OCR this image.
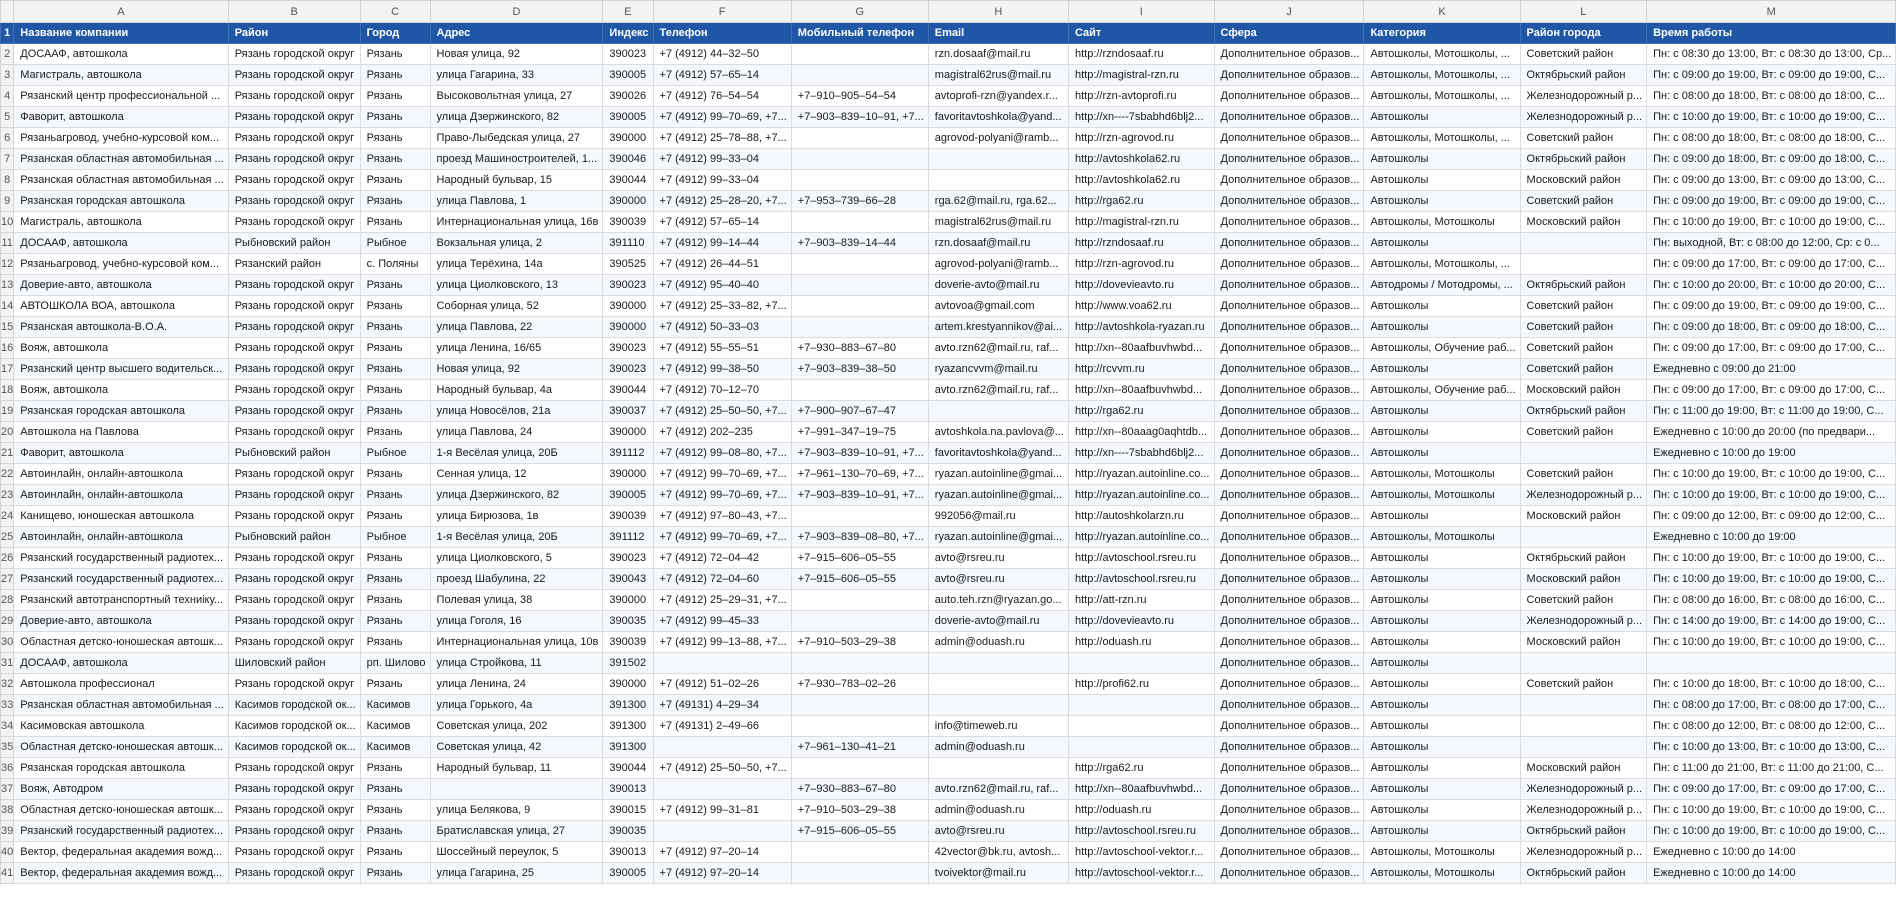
	A	B	C	D	E	F	G	H	I	J	K	L	M
1	Название компании	Район	Город	Адрес	Индекс	Телефон	Мобильный телефон	Email	Сайт	Сфера	Категория	Район города	Время работы
2	ДОСААФ, автошкола	Рязань городской округ	Рязань	Новая улица, 92	390023	+7 (4912) 44‒32‒50		rzn.dosaaf@mail.ru	http://rzndosaaf.ru	Дополнительное образов...	Автошколы, Мотошколы, ...	Советский район	Пн: с 08:30 до 13:00, Вт: с 08:30 до 13:00, Ср...
3	Магистраль, автошкола	Рязань городской округ	Рязань	улица Гагарина, 33	390005	+7 (4912) 57‒65‒14		magistral62rus@mail.ru	http://magistral-rzn.ru	Дополнительное образов...	Автошколы, Мотошколы, ...	Октябрьский район	Пн: с 09:00 до 19:00, Вт: с 09:00 до 19:00, С...
4	Рязанский центр профессиональной ...	Рязань городской округ	Рязань	Высоковольтная улица, 27	390026	+7 (4912) 76‒54‒54	+7‒910‒905‒54‒54	avtoprofi-rzn@yandex.r...	http://rzn-avtoprofi.ru	Дополнительное образов...	Автошколы, Мотошколы, ...	Железнодорожный р...	Пн: с 08:00 до 18:00, Вт: с 08:00 до 18:00, С...
5	Фаворит, автошкола	Рязань городской округ	Рязань	улица Дзержинского, 82	390005	+7 (4912) 99‒70‒69, +7...	+7‒903‒839‒10‒91, +7...	favoritavtoshkola@yand...	http://xn----7sbabhd6blj2...	Дополнительное образов...	Автошколы	Железнодорожный р...	Пн: с 10:00 до 19:00, Вт: с 10:00 до 19:00, С...
6	Рязаньагровод, учебно-курсовой ком...	Рязань городской округ	Рязань	Право-Лыбедская улица, 27	390000	+7 (4912) 25‒78‒88, +7...		agrovod-polyani@ramb...	http://rzn-agrovod.ru	Дополнительное образов...	Автошколы, Мотошколы, ...	Советский район	Пн: с 08:00 до 18:00, Вт: с 08:00 до 18:00, С...
7	Рязанская областная автомобильная ...	Рязань городской округ	Рязань	проезд Машиностроителей, 1...	390046	+7 (4912) 99‒33‒04			http://avtoshkola62.ru	Дополнительное образов...	Автошколы	Октябрьский район	Пн: с 09:00 до 18:00, Вт: с 09:00 до 18:00, С...
8	Рязанская областная автомобильная ...	Рязань городской округ	Рязань	Народный бульвар, 15	390044	+7 (4912) 99‒33‒04			http://avtoshkola62.ru	Дополнительное образов...	Автошколы	Московский район	Пн: с 09:00 до 13:00, Вт: с 09:00 до 13:00, С...
9	Рязанская городская автошкола	Рязань городской округ	Рязань	улица Павлова, 1	390000	+7 (4912) 25‒28‒20, +7...	+7‒953‒739‒66‒28	rga.62@mail.ru, rga.62...	http://rga62.ru	Дополнительное образов...	Автошколы	Советский район	Пн: с 09:00 до 19:00, Вт: с 09:00 до 19:00, С...
10	Магистраль, автошкола	Рязань городской округ	Рязань	Интернациональная улица, 16в	390039	+7 (4912) 57‒65‒14		magistral62rus@mail.ru	http://magistral-rzn.ru	Дополнительное образов...	Автошколы, Мотошколы	Московский район	Пн: с 10:00 до 19:00, Вт: с 10:00 до 19:00, С...
11	ДОСААФ, автошкола	Рыбновский район	Рыбное	Вокзальная улица, 2	391110	+7 (4912) 99‒14‒44	+7‒903‒839‒14‒44	rzn.dosaaf@mail.ru	http://rzndosaaf.ru	Дополнительное образов...	Автошколы		Пн: выходной, Вт: с 08:00 до 12:00, Ср: с 0...
12	Рязаньагровод, учебно-курсовой ком...	Рязанский район	с. Поляны	улица Терёхина, 14а	390525	+7 (4912) 26‒44‒51		agrovod-polyani@ramb...	http://rzn-agrovod.ru	Дополнительное образов...	Автошколы, Мотошколы, ...		Пн: с 09:00 до 17:00, Вт: с 09:00 до 17:00, С...
13	Доверие-авто, автошкола	Рязань городской округ	Рязань	улица Циолковского, 13	390023	+7 (4912) 95‒40‒40		doverie-avto@mail.ru	http://dovevieavto.ru	Дополнительное образов...	Автодромы / Мотодромы, ...	Октябрьский район	Пн: с 10:00 до 20:00, Вт: с 10:00 до 20:00, С...
14	АВТОШКОЛА ВОА, автошкола	Рязань городской округ	Рязань	Соборная улица, 52	390000	+7 (4912) 25‒33‒82, +7...		avtovoa@gmail.com	http://www.voa62.ru	Дополнительное образов...	Автошколы	Советский район	Пн: с 09:00 до 19:00, Вт: с 09:00 до 19:00, С...
15	Рязанская автошкола-В.О.А.	Рязань городской округ	Рязань	улица Павлова, 22	390000	+7 (4912) 50‒33‒03		artem.krestyannikov@ai...	http://avtoshkola-ryazan.ru	Дополнительное образов...	Автошколы	Советский район	Пн: с 09:00 до 18:00, Вт: с 09:00 до 18:00, С...
16	Вояж, автошкола	Рязань городской округ	Рязань	улица Ленина, 16/65	390023	+7 (4912) 55‒55‒51	+7‒930‒883‒67‒80	avto.rzn62@mail.ru, raf...	http://xn--80aafbuvhwbd...	Дополнительное образов...	Автошколы, Обучение раб...	Советский район	Пн: с 09:00 до 17:00, Вт: с 09:00 до 17:00, С...
17	Рязанский центр высшего водительск...	Рязань городской округ	Рязань	Новая улица, 92	390023	+7 (4912) 99‒38‒50	+7‒903‒839‒38‒50	ryazancvvm@mail.ru	http://rcvvm.ru	Дополнительное образов...	Автошколы	Советский район	Ежедневно с 09:00 до 21:00
18	Вояж, автошкола	Рязань городской округ	Рязань	Народный бульвар, 4а	390044	+7 (4912) 70‒12‒70		avto.rzn62@mail.ru, raf...	http://xn--80aafbuvhwbd...	Дополнительное образов...	Автошколы, Обучение раб...	Московский район	Пн: с 09:00 до 17:00, Вт: с 09:00 до 17:00, С...
19	Рязанская городская автошкола	Рязань городской округ	Рязань	улица Новосёлов, 21а	390037	+7 (4912) 25‒50‒50, +7...	+7‒900‒907‒67‒47		http://rga62.ru	Дополнительное образов...	Автошколы	Октябрьский район	Пн: с 11:00 до 19:00, Вт: с 11:00 до 19:00, С...
20	Автошкола на Павлова	Рязань городской округ	Рязань	улица Павлова, 24	390000	+7 (4912) 202‒235	+7‒991‒347‒19‒75	avtoshkola.na.pavlova@...	http://xn--80aaag0aqhtdb...	Дополнительное образов...	Автошколы	Советский район	Ежедневно с 10:00 до 20:00 (по предвари...
21	Фаворит, автошкола	Рыбновский район	Рыбное	1-я Весёлая улица, 20Б	391112	+7 (4912) 99‒08‒80, +7...	+7‒903‒839‒10‒91, +7...	favoritavtoshkola@yand...	http://xn----7sbabhd6blj2...	Дополнительное образов...	Автошколы		Ежедневно с 10:00 до 19:00
22	Автоинлайн, онлайн-автошкола	Рязань городской округ	Рязань	Сенная улица, 12	390000	+7 (4912) 99‒70‒69, +7...	+7‒961‒130‒70‒69, +7...	ryazan.autoinline@gmai...	http://ryazan.autoinline.co...	Дополнительное образов...	Автошколы, Мотошколы	Советский район	Пн: с 10:00 до 19:00, Вт: с 10:00 до 19:00, С...
23	Автоинлайн, онлайн-автошкола	Рязань городской округ	Рязань	улица Дзержинского, 82	390005	+7 (4912) 99‒70‒69, +7...	+7‒903‒839‒10‒91, +7...	ryazan.autoinline@gmai...	http://ryazan.autoinline.co...	Дополнительное образов...	Автошколы, Мотошколы	Железнодорожный р...	Пн: с 10:00 до 19:00, Вт: с 10:00 до 19:00, С...
24	Канищево, юношеская автошкола	Рязань городской округ	Рязань	улица Бирюзова, 1в	390039	+7 (4912) 97‒80‒43, +7...		992056@mail.ru	http://autoshkolarzn.ru	Дополнительное образов...	Автошколы	Московский район	Пн: с 09:00 до 12:00, Вт: с 09:00 до 12:00, С...
25	Автоинлайн, онлайн-автошкола	Рыбновский район	Рыбное	1-я Весёлая улица, 20Б	391112	+7 (4912) 99‒70‒69, +7...	+7‒903‒839‒08‒80, +7...	ryazan.autoinline@gmai...	http://ryazan.autoinline.co...	Дополнительное образов...	Автошколы, Мотошколы		Ежедневно с 10:00 до 19:00
26	Рязанский государственный радиотех...	Рязань городской округ	Рязань	улица Циолковского, 5	390023	+7 (4912) 72‒04‒42	+7‒915‒606‒05‒55	avto@rsreu.ru	http://avtoschool.rsreu.ru	Дополнительное образов...	Автошколы	Октябрьский район	Пн: с 10:00 до 19:00, Вт: с 10:00 до 19:00, С...
27	Рязанский государственный радиотех...	Рязань городской округ	Рязань	проезд Шабулина, 22	390043	+7 (4912) 72‒04‒60	+7‒915‒606‒05‒55	avto@rsreu.ru	http://avtoschool.rsreu.ru	Дополнительное образов...	Автошколы	Московский район	Пн: с 10:00 до 19:00, Вт: с 10:00 до 19:00, С...
28	Рязанский автотранспортный техниіку...	Рязань городской округ	Рязань	Полевая улица, 38	390000	+7 (4912) 25‒29‒31, +7...		auto.teh.rzn@ryazan.go...	http://att-rzn.ru	Дополнительное образов...	Автошколы	Советский район	Пн: с 08:00 до 16:00, Вт: с 08:00 до 16:00, С...
29	Доверие-авто, автошкола	Рязань городской округ	Рязань	улица Гоголя, 16	390035	+7 (4912) 99‒45‒33		doverie-avto@mail.ru	http://dovevieavto.ru	Дополнительное образов...	Автошколы	Железнодорожный р...	Пн: с 14:00 до 19:00, Вт: с 14:00 до 19:00, С...
30	Областная детско-юношеская автошк...	Рязань городской округ	Рязань	Интернациональная улица, 10в	390039	+7 (4912) 99‒13‒88, +7...	+7‒910‒503‒29‒38	admin@oduash.ru	http://oduash.ru	Дополнительное образов...	Автошколы	Московский район	Пн: с 10:00 до 19:00, Вт: с 10:00 до 19:00, С...
31	ДОСААФ, автошкола	Шиловский район	рп. Шилово	улица Стройкова, 11	391502					Дополнительное образов...	Автошколы		
32	Автошкола профессионал	Рязань городской округ	Рязань	улица Ленина, 24	390000	+7 (4912) 51‒02‒26	+7‒930‒783‒02‒26		http://profi62.ru	Дополнительное образов...	Автошколы	Советский район	Пн: с 10:00 до 18:00, Вт: с 10:00 до 18:00, С...
33	Рязанская областная автомобильная ...	Касимов городской ок...	Касимов	улица Горького, 4а	391300	+7 (49131) 4‒29‒34				Дополнительное образов...	Автошколы		Пн: с 08:00 до 17:00, Вт: с 08:00 до 17:00, С...
34	Касимовская автошкола	Касимов городской ок...	Касимов	Советская улица, 202	391300	+7 (49131) 2‒49‒66		info@timeweb.ru		Дополнительное образов...	Автошколы		Пн: с 08:00 до 12:00, Вт: с 08:00 до 12:00, С...
35	Областная детско-юношеская автошк...	Касимов городской ок...	Касимов	Советская улица, 42	391300		+7‒961‒130‒41‒21	admin@oduash.ru		Дополнительное образов...	Автошколы		Пн: с 10:00 до 13:00, Вт: с 10:00 до 13:00, С...
36	Рязанская городская автошкола	Рязань городской округ	Рязань	Народный бульвар, 11	390044	+7 (4912) 25‒50‒50, +7...			http://rga62.ru	Дополнительное образов...	Автошколы	Московский район	Пн: с 11:00 до 21:00, Вт: с 11:00 до 21:00, С...
37	Вояж, Автодром	Рязань городской округ	Рязань		390013		+7‒930‒883‒67‒80	avto.rzn62@mail.ru, raf...	http://xn--80aafbuvhwbd...	Дополнительное образов...	Автошколы	Железнодорожный р...	Пн: с 09:00 до 17:00, Вт: с 09:00 до 17:00, С...
38	Областная детско-юношеская автошк...	Рязань городской округ	Рязань	улица Белякова, 9	390015	+7 (4912) 99‒31‒81	+7‒910‒503‒29‒38	admin@oduash.ru	http://oduash.ru	Дополнительное образов...	Автошколы	Железнодорожный р...	Пн: с 10:00 до 19:00, Вт: с 10:00 до 19:00, С...
39	Рязанский государственный радиотех...	Рязань городской округ	Рязань	Братиславская улица, 27	390035		+7‒915‒606‒05‒55	avto@rsreu.ru	http://avtoschool.rsreu.ru	Дополнительное образов...	Автошколы	Октябрьский район	Пн: с 10:00 до 19:00, Вт: с 10:00 до 19:00, С...
40	Вектор, федеральная академия вожд...	Рязань городской округ	Рязань	Шоссейный переулок, 5	390013	+7 (4912) 97‒20‒14		42vector@bk.ru, avtosh...	http://avtoschool-vektor.r...	Дополнительное образов...	Автошколы, Мотошколы	Железнодорожный р...	Ежедневно с 10:00 до 14:00
41	Вектор, федеральная академия вожд...	Рязань городской округ	Рязань	улица Гагарина, 25	390005	+7 (4912) 97‒20‒14		tvoivektor@mail.ru	http://avtoschool-vektor.r...	Дополнительное образов...	Автошколы, Мотошколы	Октябрьский район	Ежедневно с 10:00 до 14:00
